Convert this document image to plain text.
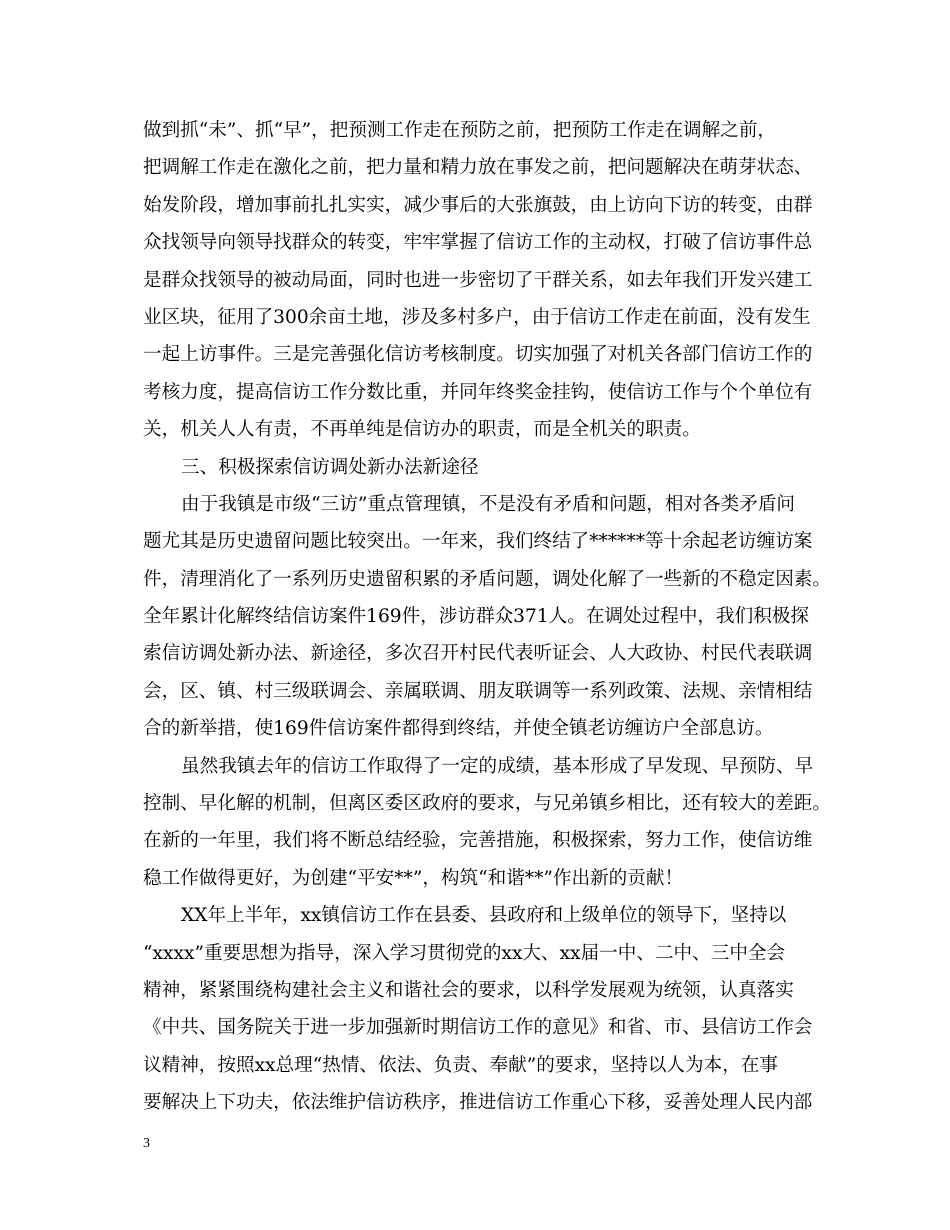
做到抓“未”、抓“早”，把预测工作走在预防之前，把预防工作走在调解之前，
把调解工作走在激化之前，把力量和精力放在事发之前，把问题解决在萌芽状态、
始发阶段，增加事前扎扎实实，减少事后的大张旗鼓，由上访向下访的转变，由群
众找领导向领导找群众的转变，牢牢掌握了信访工作的主动权，打破了信访事件总
是群众找领导的被动局面，同时也进一步密切了干群关系，如去年我们开发兴建工
业区块，征用了300余亩土地，涉及多村多户，由于信访工作走在前面，没有发生
一起上访事件。三是完善强化信访考核制度。切实加强了对机关各部门信访工作的
考核力度，提高信访工作分数比重，并同年终奖金挂钩，使信访工作与个个单位有
关，机关人人有责，不再单纯是信访办的职责，而是全机关的职责。
三、积极探索信访调处新办法新途径
由于我镇是市级“三访”重点管理镇，不是没有矛盾和问题，相对各类矛盾问
题尤其是历史遗留问题比较突出。一年来，我们终结了******等十余起老访缠访案
件，清理消化了一系列历史遗留积累的矛盾问题，调处化解了一些新的不稳定因素。
全年累计化解终结信访案件169件，涉访群众371人。在调处过程中，我们积极探
索信访调处新办法、新途径，多次召开村民代表听证会、人大政协、村民代表联调
会，区、镇、村三级联调会、亲属联调、朋友联调等一系列政策、法规、亲情相结
合的新举措，使169件信访案件都得到终结，并使全镇老访缠访户全部息访。
虽然我镇去年的信访工作取得了一定的成绩，基本形成了早发现、早预防、早
控制、早化解的机制，但离区委区政府的要求，与兄弟镇乡相比，还有较大的差距。
在新的一年里，我们将不断总结经验，完善措施，积极探索，努力工作，使信访维
稳工作做得更好，为创建“平安**”，构筑“和谐**”作出新的贡献！
XX年上半年，xx镇信访工作在县委、县政府和上级单位的领导下，坚持以
“xxxx”重要思想为指导，深入学习贯彻党的xx大、xx届一中、二中、三中全会
精神，紧紧围绕构建社会主义和谐社会的要求，以科学发展观为统领，认真落实
《中共、国务院关于进一步加强新时期信访工作的意见》和省、市、县信访工作会
议精神，按照xx总理“热情、依法、负责、奉献”的要求，坚持以人为本，在事
要解决上下功夫，依法维护信访秩序，推进信访工作重心下移，妥善处理人民内部
3
